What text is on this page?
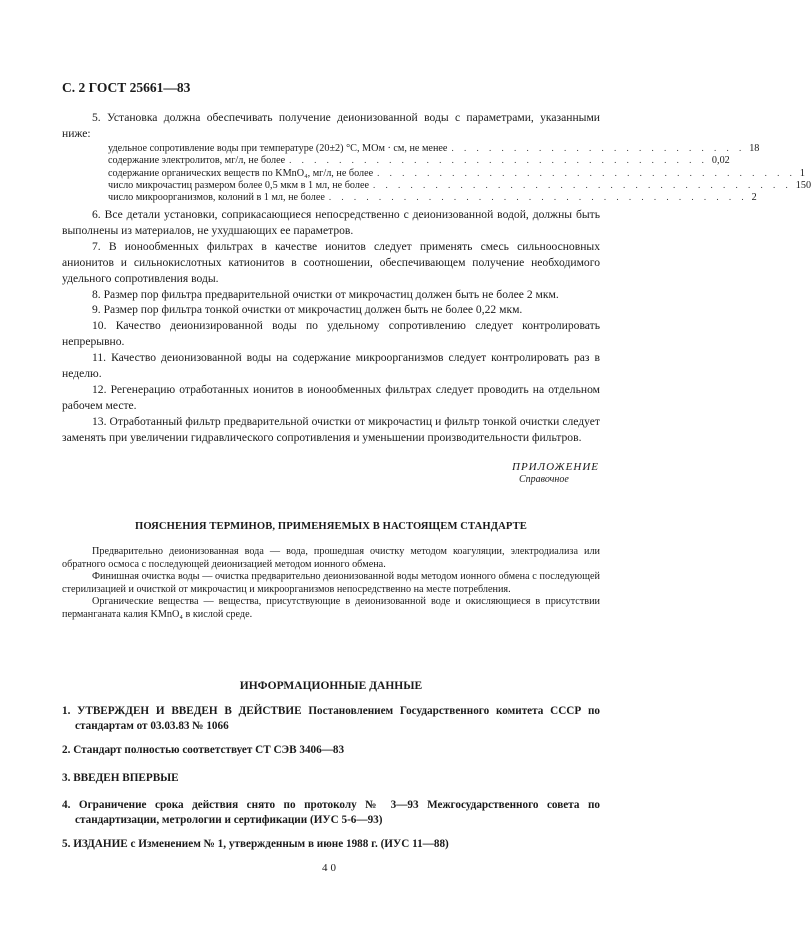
С. 2 ГОСТ 25661—83

5. Установка должна обеспечивать получение деионизованной воды с параметрами, указанными ниже:

удельное сопротивление воды при температуре (20±2) °С, МОм · см, не менее . . . . . . . . . . . . . . . . . . . . . . . . 18
содержание электролитов, мг/л, не более . . . . . . . . . . . . . . . . . . . . . . . . . . . . . . . . . . 0,02
содержание органических веществ по KMnO₄, мг/л, не более . . . . . . . . . . . . . . . . . . . . . . . . . . . . . . . . . . 1
число микрочастиц размером более 0,5 мкм в 1 мл, не более . . . . . . . . . . . . . . . . . . . . . . . . . . . . . . . . . . 150
число микроорганизмов, колоний в 1 мл, не более . . . . . . . . . . . . . . . . . . . . . . . . . . . . . . . . . . 2

6. Все детали установки, соприкасающиеся непосредственно с деионизованной водой, должны быть выполнены из материалов, не ухудшающих ее параметров.

7. В ионообменных фильтрах в качестве ионитов следует применять смесь сильноосновных анионитов и сильнокислотных катионитов в соотношении, обеспечивающем получение необходимого удельного сопротивления воды.

8. Размер пор фильтра предварительной очистки от микрочастиц должен быть не более 2 мкм.

9. Размер пор фильтра тонкой очистки от микрочастиц должен быть не более 0,22 мкм.

10. Качество деионизированной воды по удельному сопротивлению следует контролировать непрерывно.

11. Качество деионизованной воды на содержание микроорганизмов следует контролировать раз в неделю.

12. Регенерацию отработанных ионитов в ионообменных фильтрах следует проводить на отдельном рабочем месте.

13. Отработанный фильтр предварительной очистки от микрочастиц и фильтр тонкой очистки следует заменять при увеличении гидравлического сопротивления и уменьшении производительности фильтров.

ПРИЛОЖЕНИЕ
Справочное
ПОЯСНЕНИЯ ТЕРМИНОВ, ПРИМЕНЯЕМЫХ В НАСТОЯЩЕМ СТАНДАРТЕ

Предварительно деионизованная вода — вода, прошедшая очистку методом коагуляции, электродиализа или обратного осмоса с последующей деионизацией методом ионного обмена.

Финишная очистка воды — очистка предварительно деионизованной воды методом ионного обмена с последующей стерилизацией и очисткой от микрочастиц и микроорганизмов непосредственно на месте потребления.

Органические вещества — вещества, присутствующие в деионизованной воде и окисляющиеся в присутствии перманганата калия KMnO₄ в кислой среде.

ИНФОРМАЦИОННЫЕ ДАННЫЕ
1. УТВЕРЖДЕН И ВВЕДЕН В ДЕЙСТВИЕ Постановлением Государственного комитета СССР по стандартам от 03.03.83 № 1066
2. Стандарт полностью соответствует СТ СЭВ 3406—83
3. ВВЕДЕН ВПЕРВЫЕ
4. Ограничение срока действия снято по протоколу № 3—93 Межгосударственного совета по стандартизации, метрологии и сертификации (ИУС 5-6—93)
5. ИЗДАНИЕ с Изменением № 1, утвержденным в июне 1988 г. (ИУС 11—88)
40
